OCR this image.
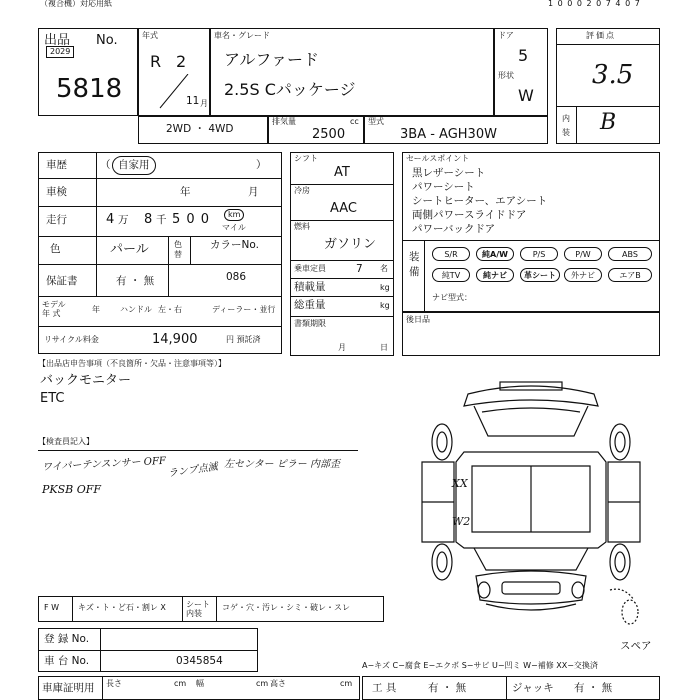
（複合機）対応用紙	1 0 0 0 2 0 7 4 0 7
出品 No.
2029
5818
年式
R 2
11 月
車名・グレード
アルファード
2.5S Cパッケージ
ドア
5
形状
W
評価点
3.5
内装 B
2WD ・ 4WD
排気量	cc
2500
型式
3BA - AGH30W
車歴	（ 自家用	）
車検	年	月
走行	4 万 8 千 5 0 0	km
マイル
色	パール	色替
カラーNo.
保証書	有 ・ 無	086
モデル
年 式	年	ハンドル 左・右	ディーラー・並行
リサイクル料金	14,900	円 預託済
シフト
AT
冷房
AAC
燃料
ガソリン
乗車定員	7 名
積載量	kg
総重量	kg
書類期限
月	日
セールスポイント
黒レザーシート
パワーシート
シートヒーター、エアシート
両側パワースライドドア
パワーバックドア
装備
S/R	純A/W	P/S	P/W	ABS
純TV	純ナビ	革シート	外ナビ	エアB
ナビ型式：
後日品
【出品店申告事項（不良箇所・欠品・注意事項等）】
バックモニター
ETC
【検査員記入】
ワイパーテンスンサー OFF
PKSB OFF
ランプ点滅 左センター ピラー 内部歪
XX
W2
スペア
F W キズ・ト・ど石・割レ X	シート内装
コゲ・穴・汚レ・シミ・破レ・スレ
登 録 No.
車 台 No.	0345854
車庫証明用 長さ	cm 幅	cm 高さ	cm
A−キズ C−腐食 E−エクボ S−サビ U−凹ミ W−補修 XX−交換済
工 具	有 ・ 無	ジャッキ 有 ・ 無
